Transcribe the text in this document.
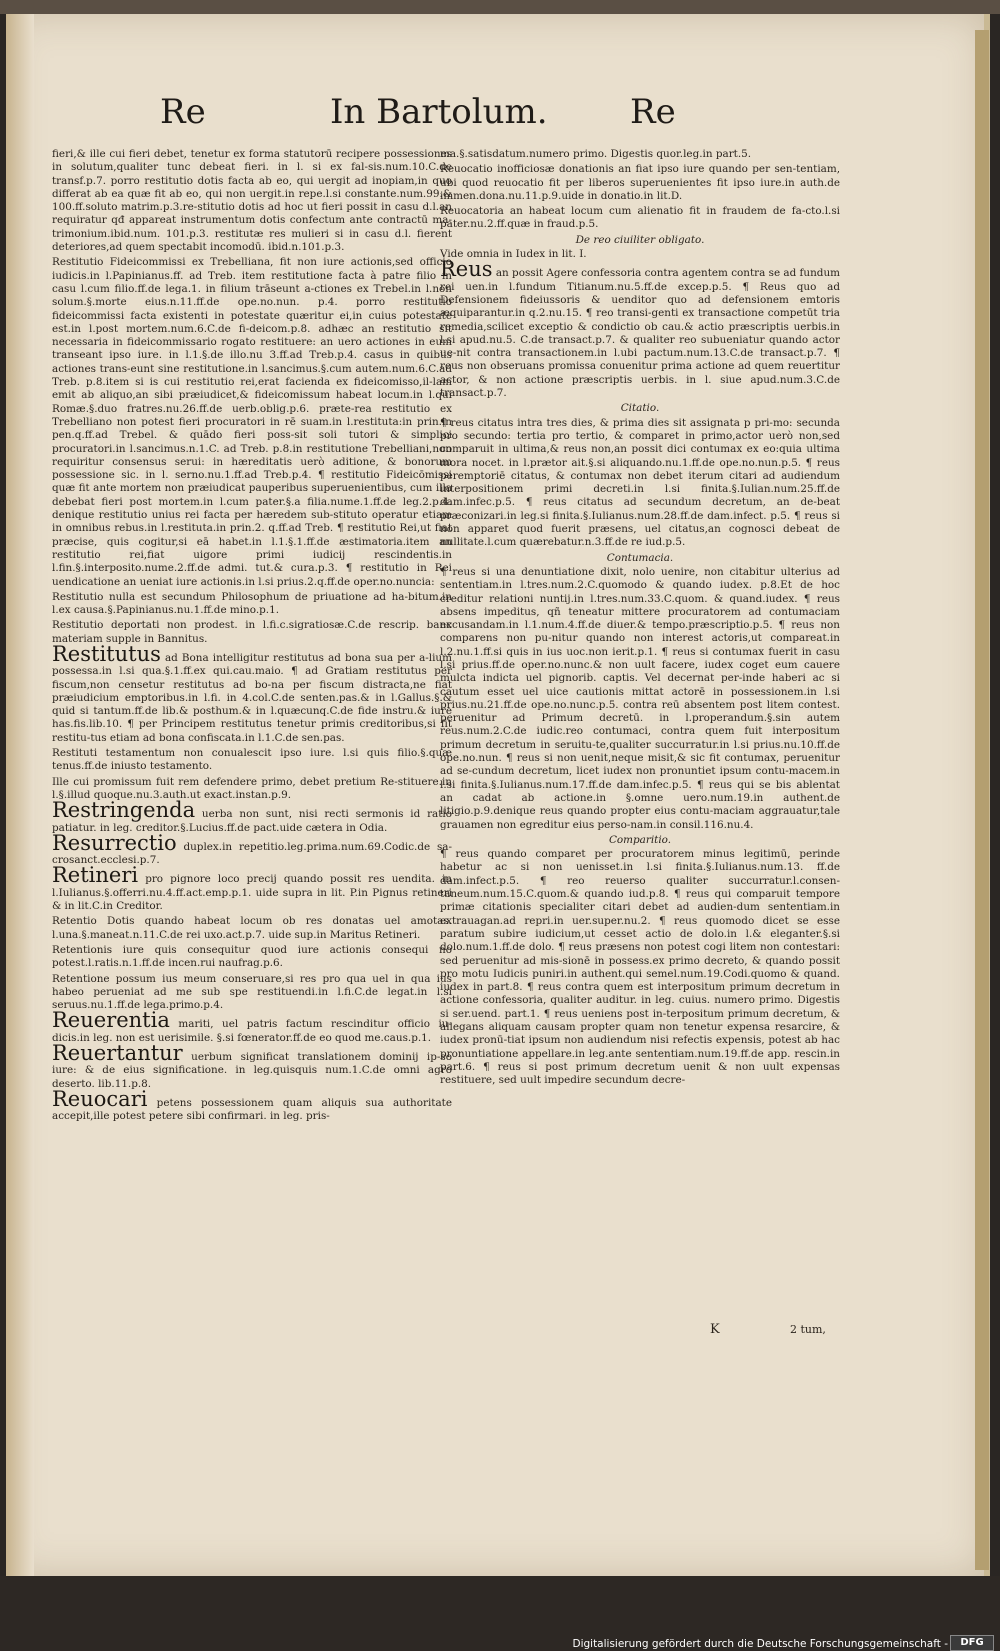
Re	In Bartolum. Re

fieri,& ille cui fieri debet, tenetur ex forma statutorū recipere possessiones in solutum,qualiter tunc debeat fieri. in l. si ex fal-sis.num.10.C.de transf.p.7. porro restitutio dotis facta ab eo, qui uergit ad inopiam,in quo differat ab ea quæ fit ab eo, qui non uergit.in repe.l.si constante.num.99.& 100.ff.soluto matrim.p.3.re-stitutio dotis ad hoc ut fieri possit in casu d.l.an requiratur qđ appareat instrumentum dotis confectum ante contractū ma-trimonium.ibid.num. 101.p.3. restitutæ res mulieri si in casu d.l. fierent deteriores,ad quem spectabit incomodū. ibid.n.101.p.3.

Restitutio Fideicommissi ex Trebelliana, fit non iure actionis,sed officio iudicis.in l.Papinianus.ff. ad Treb. item restitutione facta à patre filio in casu l.cum filio.ff.de lega.1. in filium trāseunt a-ctiones ex Trebel.in l.non solum.§.morte eius.n.11.ff.de ope.no.nun. p.4. porro restitutio fideicommissi facta existenti in potestate quæritur ei,in cuius potestate est.in l.post mortem.num.6.C.de fi-deicom.p.8. adhæc an restitutio sit necessaria in fideicommissario rogato restituere: an uero actiones in eum transeant ipso iure. in l.1.§.de illo.nu 3.ff.ad Treb.p.4. casus in quibus actiones trans-eunt sine restitutione.in l.sancimus.§.cum autem.num.6.C.ad Treb. p.8.item si is cui restitutio rei,erat facienda ex fideicomisso,il-lam emit ab aliquo,an sibi præiudicet,& fideicomissum habeat locum.in l.qui Romæ.§.duo fratres.nu.26.ff.de uerb.oblig.p.6. præte-rea restitutio ex Trebelliano non potest fieri procuratori in rē suam.in l.restituta:in prin.in pen.q.ff.ad Trebel. & quādo fieri poss-sit soli tutori & simplici procuratori.in l.sancimus.n.1.C. ad Treb. p.8.in restitutione Trebelliani,non requiritur consensus serui: in hæreditatis uerò aditione, & bonorum possessione sic. in l. serno.nu.1.ff.ad Treb.p.4. ¶ restitutio Fideicōmissi quæ fit ante mortem non præiudicat pauperibus superuenientibus, cum illa debebat fieri post mortem.in l.cum pater.§.a filia.nume.1.ff.de leg.2.p.4. denique restitutio unius rei facta per hæredem sub-stituto operatur etiam in omnibus rebus.in l.restituta.in prin.2. q.ff.ad Treb. ¶ restitutio Rei,ut fiat præcise, quis cogitur,si eā habet.in l.1.§.1.ff.de æstimatoria.item an restitutio rei,fiat uigore primi iudicij rescindentis.in l.fin.§.interposito.nume.2.ff.de admi. tut.& cura.p.3. ¶ restitutio in Rei uendicatione an ueniat iure actionis.in l.si prius.2.q.ff.de oper.no.nuncia:

Restitutio nulla est secundum Philosophum de priuatione ad ha-bitum.in l.ex causa.§.Papinianus.nu.1.ff.de mino.p.1.

Restitutio deportati non prodest. in l.fi.c.sigratiosæ.C.de rescrip. banc materiam supple in Bannitus.

Restitutus ad Bona intelligitur restitutus ad bona sua per a-lium possessa.in l.si qua.§.1.ff.ex qui.cau.maio. ¶ ad Gratiam restitutus per fiscum,non censetur restitutus ad bo-na per fiscum distracta,ne fiat præiudicium emptoribus.in l.fi. in 4.col.C.de senten.pas.& in l.Gallus.§.& quid si tantum.ff.de lib.& posthum.& in l.quæcunq.C.de fide instru.& iure has.fis.lib.10. ¶ per Principem restitutus tenetur primis creditoribus,si fit restitu-tus etiam ad bona confiscata.in l.1.C.de sen.pas.

Restituti testamentum non conualescit ipso iure. l.si quis filio.§.quæ tenus.ff.de iniusto testamento.

Ille cui promissum fuit rem defendere primo, debet pretium Re-stituere.in l.§.illud quoque.nu.3.auth.ut exact.instan.p.9.

Restringenda uerba non sunt, nisi recti sermonis id ratio patiatur. in leg. creditor.§.Lucius.ff.de pact.uide cætera in Odia.

Resurrectio duplex.in repetitio.leg.prima.num.69.Codic.de sa-crosanct.ecclesi.p.7.

Retineri pro pignore loco precij quando possit res uendita. in l.Iulianus.§.offerri.nu.4.ff.act.emp.p.1. uide supra in lit. P.in Pignus retineri & in lit.C.in Creditor.

Retentio Dotis quando habeat locum ob res donatas uel amotas. l.una.§.maneat.n.11.C.de rei uxo.act.p.7. uide sup.in Maritus Retineri.

Retentionis iure quis consequitur quod iure actionis consequi no potest.l.ratis.n.1.ff.de incen.rui naufrag.p.6.

Retentione possum ius meum conseruare,si res pro qua uel in qua ius habeo perueniat ad me sub spe restituendi.in l.fi.C.de legat.in l.si seruus.nu.1.ff.de lega.primo.p.4.

Reuerentia mariti, uel patris factum rescinditur officio iu-dicis.in leg. non est uerisimile. §.si fœnerator.ff.de eo quod me.caus.p.1.

Reuertantur uerbum significat translationem dominij ip-so iure: & de eius significatione. in leg.quisquis num.1.C.de omni agro deserto. lib.11.p.8.

Reuocari petens possessionem quam aliquis sua authoritate accepit,ille potest petere sibi confirmari. in leg. pris-

ma.§.satisdatum.numero primo. Digestis quor.leg.in part.5.

Reuocatio inofficiosæ donationis an fiat ipso iure quando per sen-tentiam, ubi quod reuocatio fit per liberos superuenientes fit ipso iure.in auth.de immen.dona.nu.11.p.9.uide in donatio.in lit.D.

Reuocatoria an habeat locum cum alienatio fit in fraudem de fa-cto.l.si pater.nu.2.ff.quæ in fraud.p.5.

De reo ciuiliter obligato.

Vide omnia in Iudex in lit. I.

Reus an possit Agere confessoria contra agentem contra se ad fundum rei uen.in l.fundum Titianum.nu.5.ff.de excep.p.5. ¶ Reus quo ad Defensionem fideiussoris & uenditor quo ad defensionem emtoris æquiparantur.in q.2.nu.15. ¶ reo transi-genti ex transactione competūt tria remedia,scilicet exceptio & condictio ob cau.& actio præscriptis uerbis.in l.si apud.nu.5. C.de transact.p.7. & qualiter reo subueniatur quando actor ue-nit contra transactionem.in l.ubi pactum.num.13.C.de transact.p.7. ¶ reus non obseruans promissa conuenitur prima actione ad quem reuertitur actor, & non actione præscriptis uerbis. in l. siue apud.num.3.C.de transact.p.7.

Citatio.

¶ reus citatus intra tres dies, & prima dies sit assignata p pri-mo: secunda pro secundo: tertia pro tertio, & comparet in primo,actor uerò non,sed comparuit in ultima,& reus non,an possit dici contumax ex eo:quia ultima mora nocet. in l.prætor ait.§.si aliquando.nu.1.ff.de ope.no.nun.p.5. ¶ reus peremptoriē citatus, & contumax non debet iterum citari ad audiendum interpositionem primi decreti.in l.si finita.§.Iulian.num.25.ff.de dam.infec.p.5. ¶ reus citatus ad secundum decretum, an de-beat præconizari.in leg.si finita.§.Iulianus.num.28.ff.de dam.infect. p.5. ¶ reus si non apparet quod fuerit præsens, uel citatus,an cognosci debeat de nullitate.l.cum quærebatur.n.3.ff.de re iud.p.5.

Contumacia.

¶ reus si una denuntiatione dixit, nolo uenire, non citabitur ulterius ad sententiam.in l.tres.num.2.C.quomodo & quando iudex. p.8.Et de hoc creditur relationi nuntij.in l.tres.num.33.C.quom. & quand.iudex. ¶ reus absens impeditus, qñ teneatur mittere procuratorem ad contumaciam excusandam.in l.1.num.4.ff.de diuer.& tempo.præscriptio.p.5. ¶ reus non comparens non pu-nitur quando non interest actoris,ut compareat.in l.2.nu.1.ff.si quis in ius uoc.non ierit.p.1. ¶ reus si contumax fuerit in casu l.si prius.ff.de oper.no.nunc.& non uult facere, iudex coget eum cauere mulcta indicta uel pignorib. captis. Vel decernat per-inde haberi ac si cautum esset uel uice cautionis mittat actorē in possessionem.in l.si prius.nu.21.ff.de ope.no.nunc.p.5. contra reū absentem post litem contest. peruenitur ad Primum decretū. in l.properandum.§.sin autem reus.num.2.C.de iudic.reo contumaci, contra quem fuit interpositum primum decretum in seruitu-te,qualiter succurratur.in l.si prius.nu.10.ff.de ope.no.nun. ¶ reus si non uenit,neque misit,& sic fit contumax, peruenitur ad se-cundum decretum, licet iudex non pronuntiet ipsum contu-macem.in l.si finita.§.Iulianus.num.17.ff.de dam.infec.p.5. ¶ reus qui se bis ablentat an cadat ab actione.in §.omne uero.num.19.in authent.de litigio.p.9.denique reus quando propter eius contu-maciam aggrauatur,tale grauamen non egreditur eius perso-nam.in consil.116.nu.4.

Comparitio.

¶ reus quando comparet per procuratorem minus legitimū, perinde habetur ac si non uenisset.in l.si finita.§.Iulianus.num.13. ff.de dam.infect.p.5. ¶ reo reuerso qualiter succurratur.l.consen-taneum.num.15.C.quom.& quando iud.p.8. ¶ reus qui comparuit tempore primæ citationis specialiter citari debet ad audien-dum sententiam.in extrauagan.ad repri.in uer.super.nu.2. ¶ reus quomodo dicet se esse paratum subire iudicium,ut cesset actio de dolo.in l.& eleganter.§.si dolo.num.1.ff.de dolo. ¶ reus præsens non potest cogi litem non contestari: sed peruenitur ad mis-sionē in possess.ex primo decreto, & quando possit pro motu Iudicis puniri.in authent.qui semel.num.19.Codi.quomo & quand. iudex in part.8. ¶ reus contra quem est interpositum primum decretum in actione confessoria, qualiter auditur. in leg. cuius. numero primo. Digestis si ser.uend. part.1. ¶ reus ueniens post in-terpositum primum decretum, & allegans aliquam causam propter quam non tenetur expensa resarcire, & iudex pronū-tiat ipsum non audiendum nisi refectis expensis, potest ab hac pronuntiatione appellare.in leg.ante sententiam.num.19.ff.de app. rescin.in part.6. ¶ reus si post primum decretum uenit & non uult expensas restituere, sed uult impedire secundum decre-

K	2 tum,
Digitalisierung gefördert durch die Deutsche Forschungsgemeinschaft -	DFG
